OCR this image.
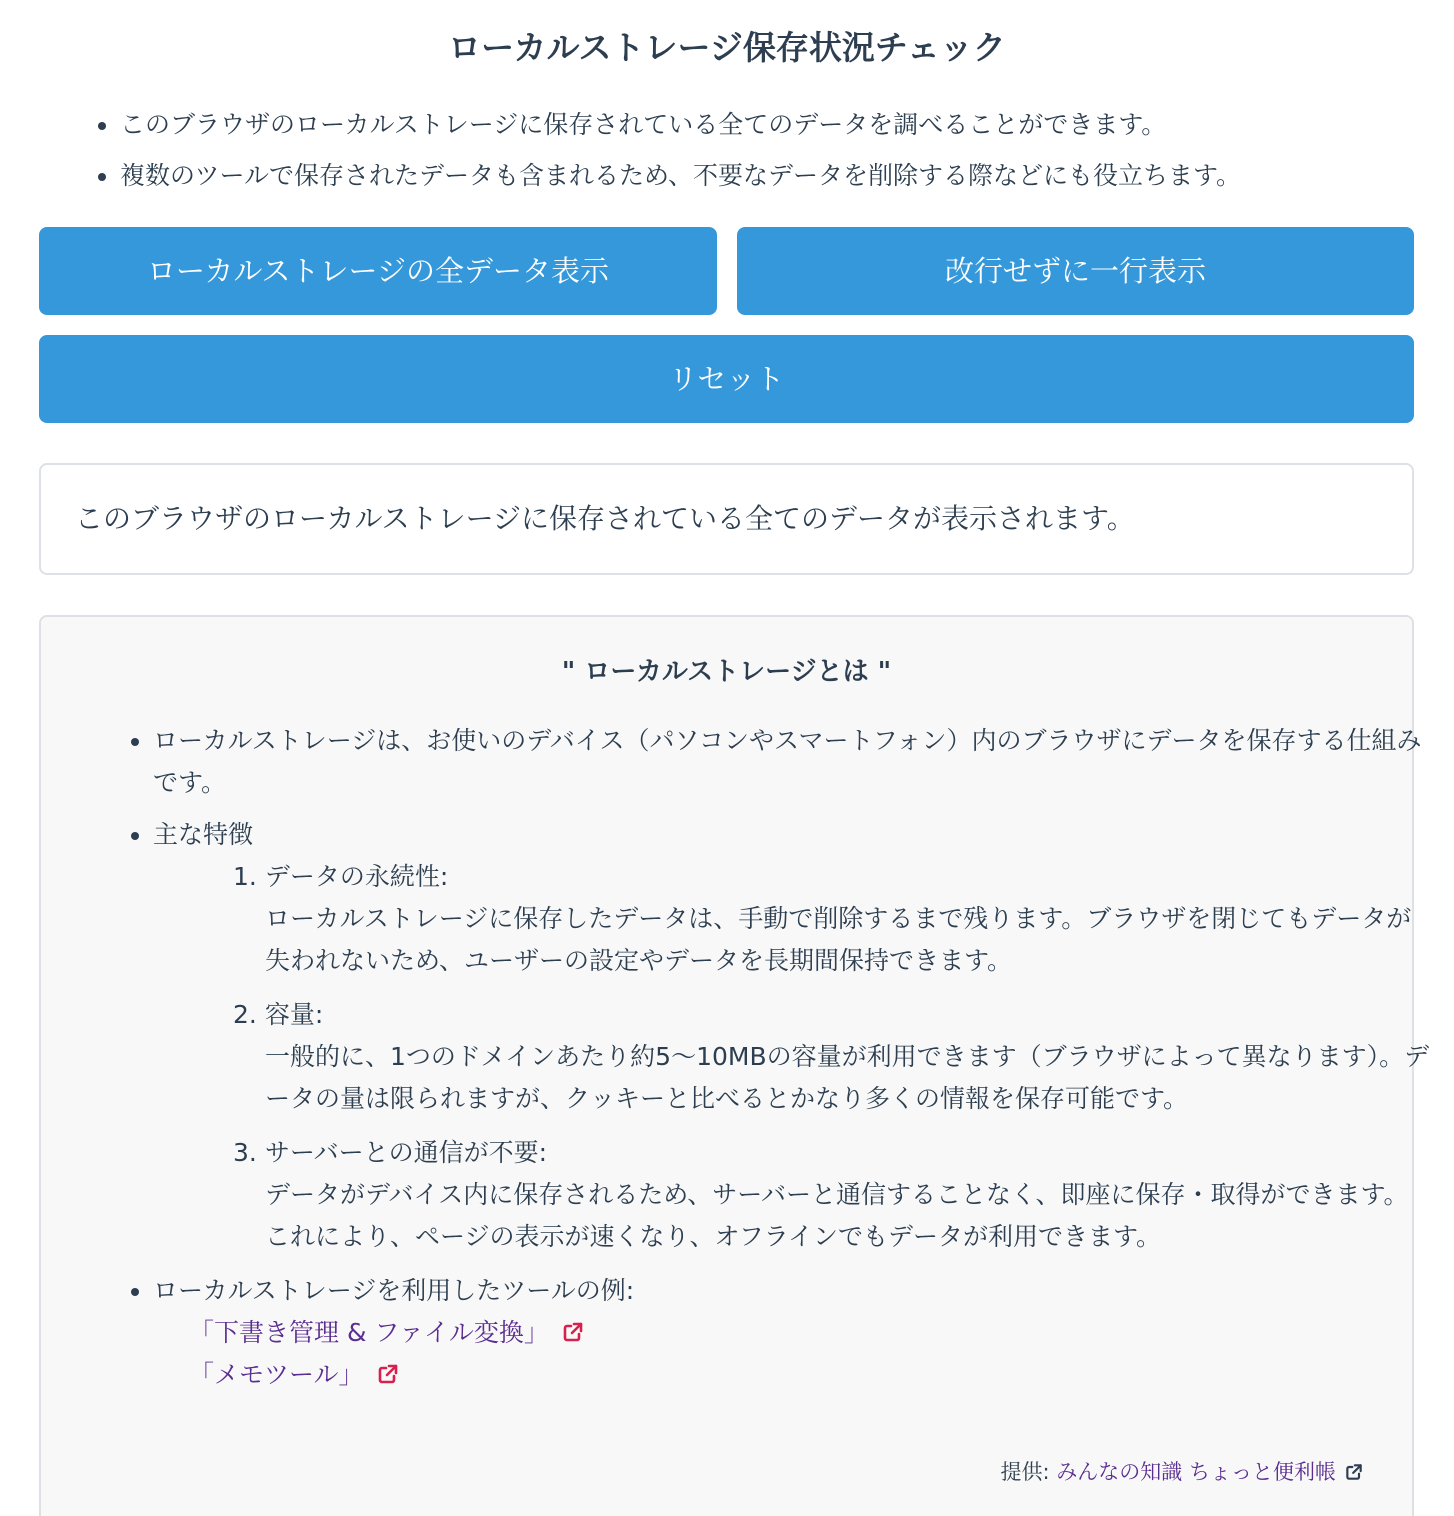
ローカルストレージ保存状況チェック
• このブラウザのローカルストレージに保存されている全てのデータを調べることができます。
• 複数のツールで保存されたデータも含まれるため、不要なデータを削除する際などにも役立ちます。
ローカルストレージの全データ表示	改行せずに一行表示
リセット
このブラウザのローカルストレージに保存されている全てのデータが表示されます。
" ローカルストレージとは "
• ローカルストレージは、お使いのデバイス（パソコンやスマートフォン）内のブラウザにデータを保存する仕組みです。
• 主な特徴
1. データの永続性:
ローカルストレージに保存したデータは、手動で削除するまで残ります。ブラウザを閉じてもデータが失われないため、ユーザーの設定やデータを長期間保持できます。
2. 容量:
一般的に、1つのドメインあたり約5〜10MBの容量が利用できます（ブラウザによって異なります）。データの量は限られますが、クッキーと比べるとかなり多くの情報を保存可能です。
3. サーバーとの通信が不要:
データがデバイス内に保存されるため、サーバーと通信することなく、即座に保存・取得ができます。これにより、ページの表示が速くなり、オフラインでもデータが利用できます。
• ローカルストレージを利用したツールの例:
「下書き管理 & ファイル変換」
「メモツール」
提供: みんなの知識 ちょっと便利帳
